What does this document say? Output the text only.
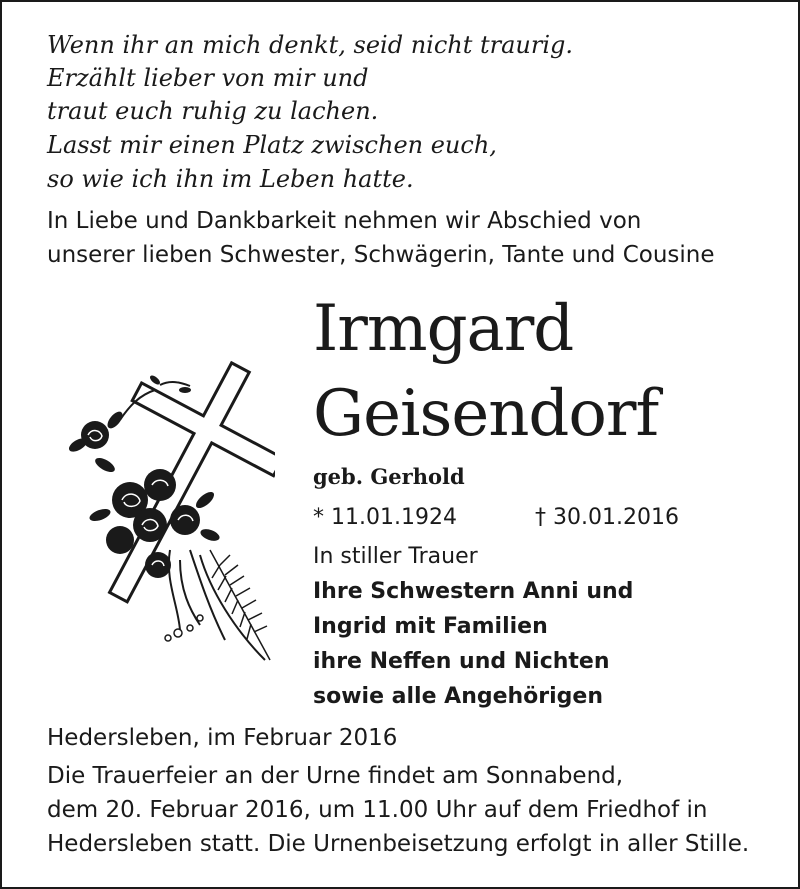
Wenn ihr an mich denkt, seid nicht traurig.
Erzählt lieber von mir und
traut euch ruhig zu lachen.
Lasst mir einen Platz zwischen euch,
so wie ich ihn im Leben hatte.
In Liebe und Dankbarkeit nehmen wir Abschied von
unserer lieben Schwester, Schwägerin, Tante und Cousine
Irmgard
Geisendorf
geb. Gerhold
* 11.01.1924	† 30.01.2016
In stiller Trauer
Ihre Schwestern Anni und
Ingrid mit Familien
ihre Neffen und Nichten
sowie alle Angehörigen
Hedersleben, im Februar 2016
Die Trauerfeier an der Urne findet am Sonnabend,
dem 20. Februar 2016, um 11.00 Uhr auf dem Friedhof in
Hedersleben statt. Die Urnenbeisetzung erfolgt in aller Stille.
